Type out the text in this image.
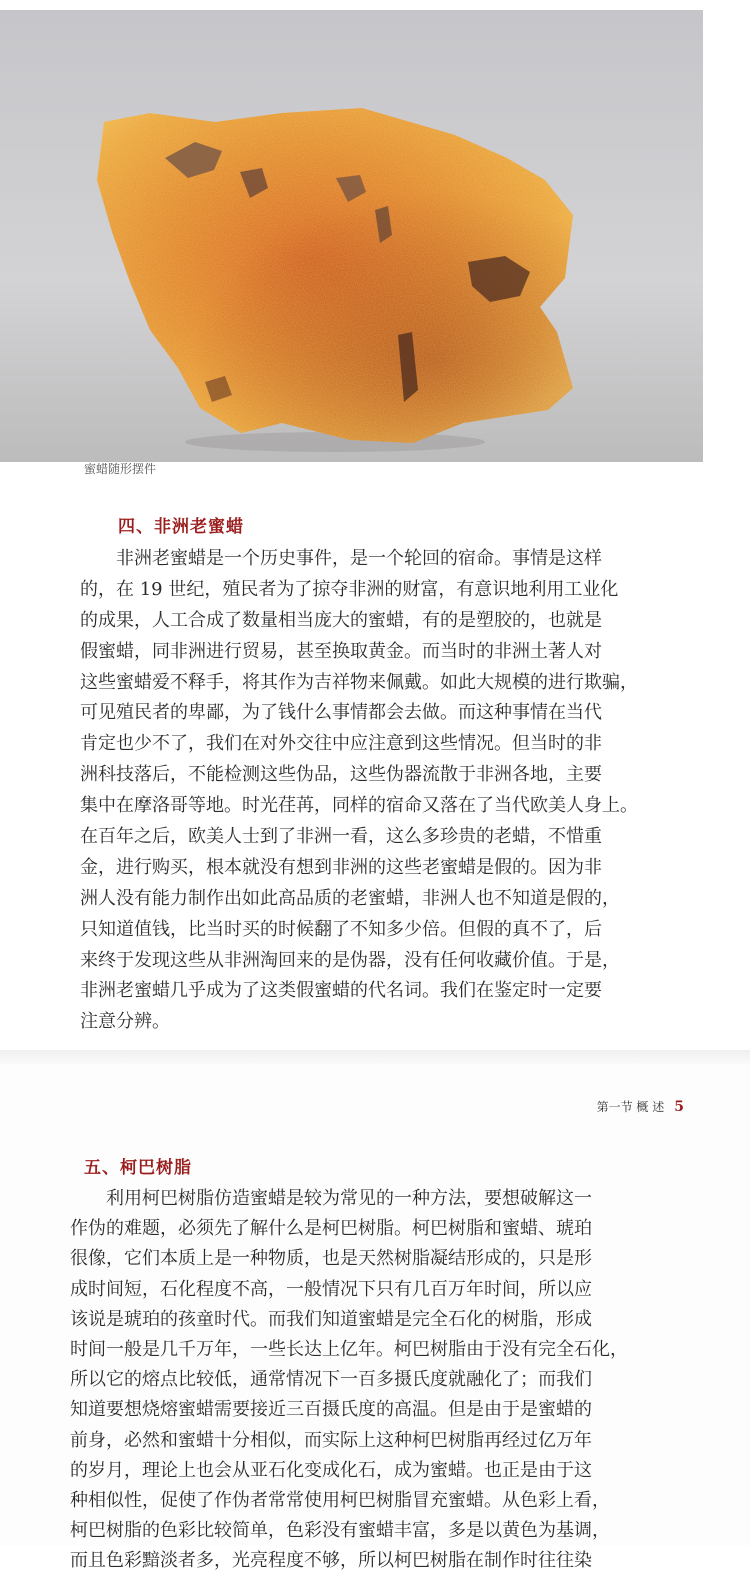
蜜蜡随形摆件
四、非洲老蜜蜡
　　非洲老蜜蜡是一个历史事件，是一个轮回的宿命。事情是这样
的，在 19 世纪，殖民者为了掠夺非洲的财富，有意识地利用工业化
的成果，人工合成了数量相当庞大的蜜蜡，有的是塑胶的，也就是
假蜜蜡，同非洲进行贸易，甚至换取黄金。而当时的非洲土著人对
这些蜜蜡爱不释手，将其作为吉祥物来佩戴。如此大规模的进行欺骗，
可见殖民者的卑鄙，为了钱什么事情都会去做。而这种事情在当代
肯定也少不了，我们在对外交往中应注意到这些情况。但当时的非
洲科技落后，不能检测这些伪品，这些伪器流散于非洲各地，主要
集中在摩洛哥等地。时光荏苒，同样的宿命又落在了当代欧美人身上。
在百年之后，欧美人士到了非洲一看，这么多珍贵的老蜡，不惜重
金，进行购买，根本就没有想到非洲的这些老蜜蜡是假的。因为非
洲人没有能力制作出如此高品质的老蜜蜡，非洲人也不知道是假的，
只知道值钱，比当时买的时候翻了不知多少倍。但假的真不了，后
来终于发现这些从非洲淘回来的是伪器，没有任何收藏价值。于是，
非洲老蜜蜡几乎成为了这类假蜜蜡的代名词。我们在鉴定时一定要
注意分辨。
第一节 概 述 5
五、柯巴树脂
　　利用柯巴树脂仿造蜜蜡是较为常见的一种方法，要想破解这一
作伪的难题，必须先了解什么是柯巴树脂。柯巴树脂和蜜蜡、琥珀
很像，它们本质上是一种物质，也是天然树脂凝结形成的，只是形
成时间短，石化程度不高，一般情况下只有几百万年时间，所以应
该说是琥珀的孩童时代。而我们知道蜜蜡是完全石化的树脂，形成
时间一般是几千万年，一些长达上亿年。柯巴树脂由于没有完全石化，
所以它的熔点比较低，通常情况下一百多摄氏度就融化了；而我们
知道要想烧熔蜜蜡需要接近三百摄氏度的高温。但是由于是蜜蜡的
前身，必然和蜜蜡十分相似，而实际上这种柯巴树脂再经过亿万年
的岁月，理论上也会从亚石化变成化石，成为蜜蜡。也正是由于这
种相似性，促使了作伪者常常使用柯巴树脂冒充蜜蜡。从色彩上看，
柯巴树脂的色彩比较简单，色彩没有蜜蜡丰富，多是以黄色为基调，
而且色彩黯淡者多，光亮程度不够，所以柯巴树脂在制作时往往染
